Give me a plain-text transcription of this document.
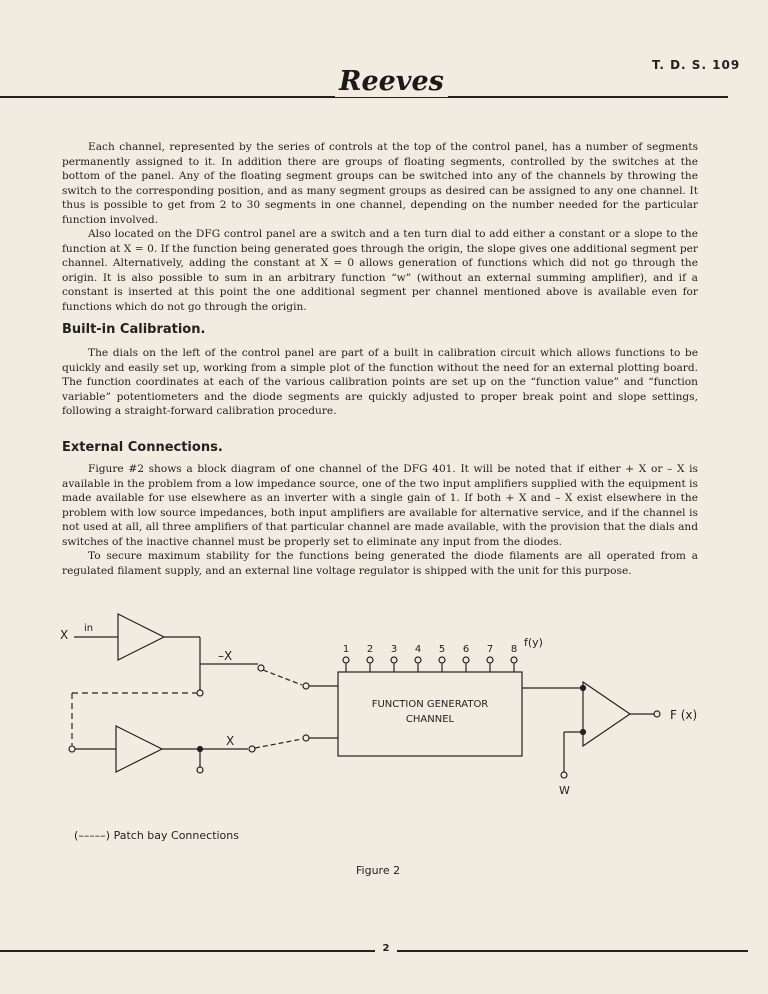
Reeves
T. D. S. 109

Each channel, represented by the series of controls at the top of the control panel, has a number of segments permanently assigned to it. In addition there are groups of floating segments, controlled by the switches at the bottom of the panel. Any of the floating segment groups can be switched into any of the channels by throwing the switch to the corresponding position, and as many segment groups as desired can be assigned to any one channel. It thus is possible to get from 2 to 30 segments in one channel, depending on the number needed for the particular function involved.

Also located on the DFG control panel are a switch and a ten turn dial to add either a constant or a slope to the function at X = 0. If the function being generated goes through the origin, the slope gives one additional segment per channel. Alternatively, adding the constant at X = 0 allows generation of functions which did not go through the origin. It is also possible to sum in an arbitrary function “w” (without an external summing amplifier), and if a constant is inserted at this point the one additional segment per channel mentioned above is available even for functions which do not go through the origin.

Built-in Calibration.

The dials on the left of the control panel are part of a built in calibration circuit which allows functions to be quickly and easily set up, working from a simple plot of the function without the need for an external plotting board. The function coordinates at each of the various calibration points are set up on the “function value” and “function variable” potentiometers and the diode segments are quickly adjusted to proper break point and slope settings, following a straight-forward calibration procedure.

External Connections.

Figure #2 shows a block diagram of one channel of the DFG 401. It will be noted that if either + X or – X is available in the problem from a low impedance source, one of the two input amplifiers supplied with the equipment is made available for use elsewhere as an inverter with a single gain of 1. If both + X and – X exist elsewhere in the problem with low source impedances, both input amplifiers are available for alternative service, and if the channel is not used at all, all three amplifiers of that particular channel are made available, with the provision that the dials and switches of the inactive channel must be properly set to eliminate any input from the diodes.

To secure maximum stability for the functions being generated the diode filaments are all operated from a regulated filament supply, and an external line voltage regulator is shipped with the unit for this purpose.

X in
–X
X
FUNCTION GENERATOR
CHANNEL
1 2 3 4 5 6 7 8
f(y)
F (x)
W
(–––––) Patch bay Connections
Figure 2
2
